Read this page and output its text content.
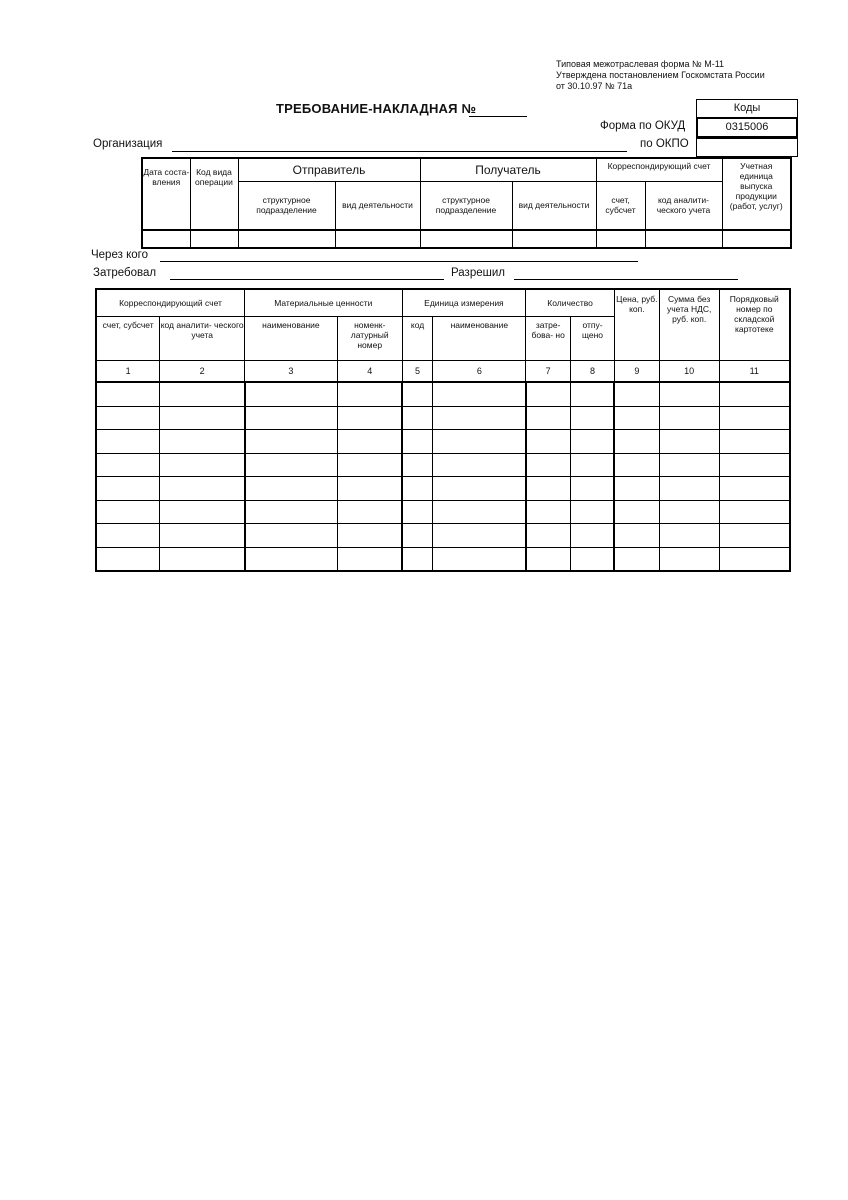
Типовая межотраслевая форма № М-11
Утверждена постановлением Госкомстата России
от 30.10.97 № 71а
ТРЕБОВАНИЕ-НАКЛАДНАЯ №	Коды
0315006
Форма по ОКУД
по ОКПО
Организация
Дата соста- вления	Код вида операции	Отправитель		Получатель		Корреспондирующий счет		Учетная единица выпуска продукции (работ, услуг)
		структурное подразделение	вид деятельности	структурное подразделение	вид деятельности	счет, субсчет	код аналити- ческого учета	

Через кого
Затребовал	Разрешил
Корреспондирующий счет		Материальные ценности		Единица измерения		Количество		Цена, руб. коп.	Сумма без учета НДС, руб. коп.	Порядковый номер по складской картотеке
счет, субсчет	код аналити- ческого учета	наименование	номенк- латурный номер	код	наименование	затре- бова- но	отпу- щено			
1	2	3	4	5	6	7	8	9	10	11
